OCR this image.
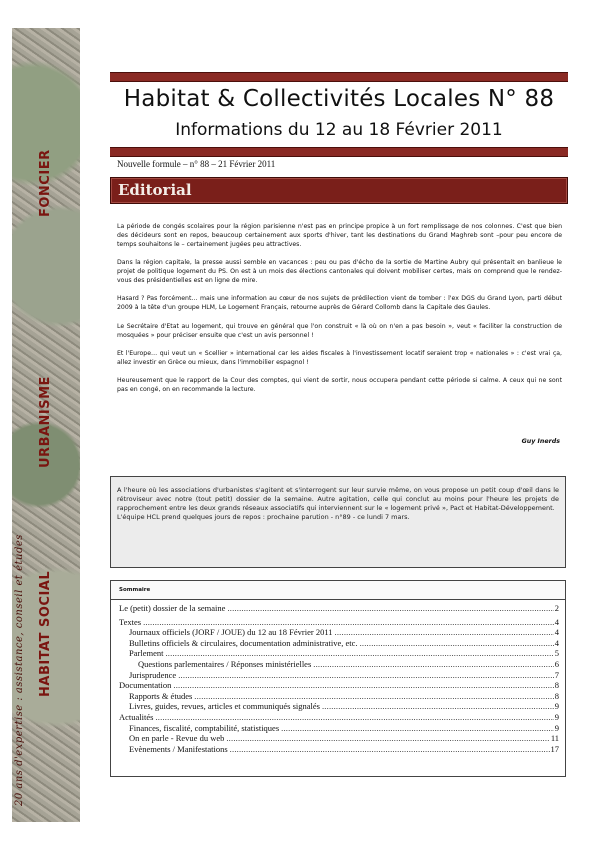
FONCIER
URBANISME
HABITAT SOCIAL
20 ans d'expertise : assistance, conseil et études
Habitat & Collectivités Locales N° 88
Informations du 12 au 18 Février 2011
Nouvelle formule – n° 88 – 21 Février 2011
Editorial

La période de congés scolaires pour la région parisienne n'est pas en principe propice à un fort remplissage de nos colonnes. C'est que bien des décideurs sont en repos, beaucoup certainement aux sports d'hiver, tant les destinations du Grand Maghreb sont –pour peu encore de temps souhaitons le – certainement jugées peu attractives.

Dans la région capitale, la presse aussi semble en vacances : peu ou pas d'écho de la sortie de Martine Aubry qui présentait en banlieue le projet de politique logement du PS. On est à un mois des élections cantonales qui doivent mobiliser certes, mais on comprend que le rendez-vous des présidentielles est en ligne de mire.

Hasard ? Pas forcément… mais une information au cœur de nos sujets de prédilection vient de tomber : l'ex DGS du Grand Lyon, parti début 2009 à la tête d'un groupe HLM, Le Logement Français, retourne auprès de Gérard Collomb dans la Capitale des Gaules.

Le Secrétaire d'Etat au logement, qui trouve en général que l'on construit « là où on n'en a pas besoin », veut « faciliter la construction de mosquées » pour préciser ensuite que c'est un avis personnel !

Et l'Europe… qui veut un « Scellier » international car les aides fiscales à l'investissement locatif seraient trop « nationales » : c'est vrai ça, allez investir en Grèce ou mieux, dans l'immobilier espagnol !

Heureusement que le rapport de la Cour des comptes, qui vient de sortir, nous occupera pendant cette période si calme. A ceux qui ne sont pas en congé, on en recommande la lecture.

Guy Inerds

A l'heure où les associations d'urbanistes s'agitent et s'interrogent sur leur survie même, on vous propose un petit coup d'œil dans le rétroviseur avec notre (tout petit) dossier de la semaine. Autre agitation, celle qui conclut au moins pour l'heure les projets de rapprochement entre les deux grands réseaux associatifs qui interviennent sur le « logement privé », Pact et Habitat-Développement.

L'équipe HCL prend quelques jours de repos : prochaine parution - n°89 - ce lundi 7 mars.

Sommaire
Le (petit) dossier de la semaine .....	2
Textes .....	4
Journaux officiels (JORF / JOUE) du 12 au 18 Février 2011 .....	4
Bulletins officiels & circulaires, documentation administrative, etc. .....	4
Parlement .....	5
Questions parlementaires / Réponses ministérielles .....	6
Jurisprudence .....	7
Documentation .....	8
Rapports & études .....	8
Livres, guides, revues, articles et communiqués signalés .....	9
Actualités .....	9
Finances, fiscalité, comptabilité, statistiques .....	9
On en parle - Revue du web .....	11
Evènements / Manifestations .....	17
